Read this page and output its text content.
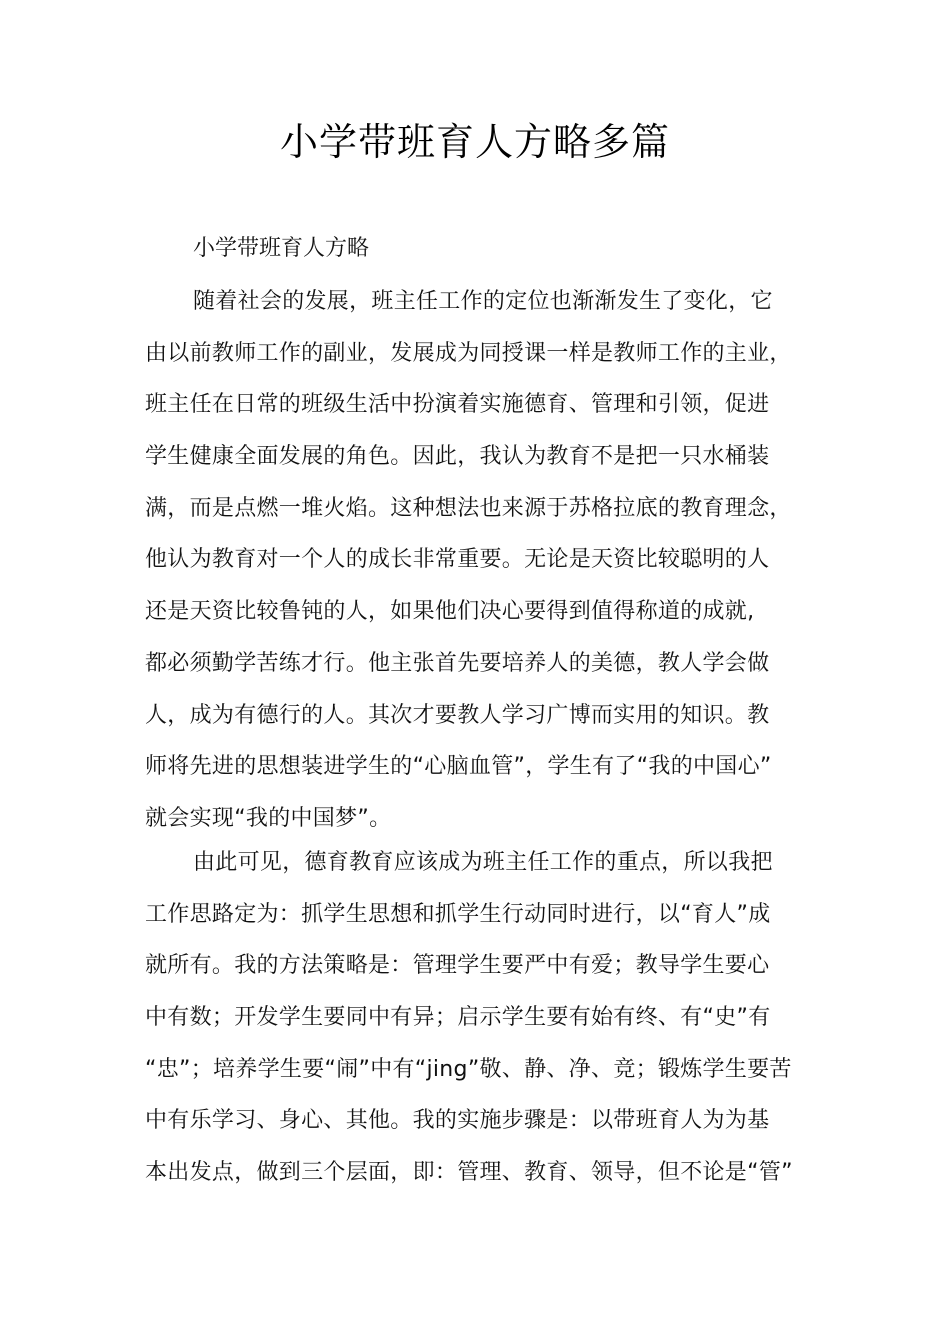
小学带班育人方略多篇

小学带班育人方略

随着社会的发展，班主任工作的定位也渐渐发生了变化，它
由以前教师工作的副业，发展成为同授课一样是教师工作的主业，
班主任在日常的班级生活中扮演着实施德育、管理和引领，促进
学生健康全面发展的角色。因此，我认为教育不是把一只水桶装
满，而是点燃一堆火焰。这种想法也来源于苏格拉底的教育理念，
他认为教育对一个人的成长非常重要。无论是天资比较聪明的人
还是天资比较鲁钝的人，如果他们决心要得到值得称道的成就,
都必须勤学苦练才行。他主张首先要培养人的美德，教人学会做
人，成为有德行的人。其次才要教人学习广博而实用的知识。教
师将先进的思想装进学生的“心脑血管”，学生有了“我的中国心”
就会实现“我的中国梦”。
由此可见，德育教育应该成为班主任工作的重点，所以我把
工作思路定为：抓学生思想和抓学生行动同时进行，以“育人”成
就所有。我的方法策略是：管理学生要严中有爱；教导学生要心
中有数；开发学生要同中有异；启示学生要有始有终、有“史”有
“忠”；培养学生要“闹”中有“jing”敬、静、净、竞；锻炼学生要苦
中有乐学习、身心、其他。我的实施步骤是：以带班育人为为基
本出发点，做到三个层面，即：管理、教育、领导，但不论是“管”
